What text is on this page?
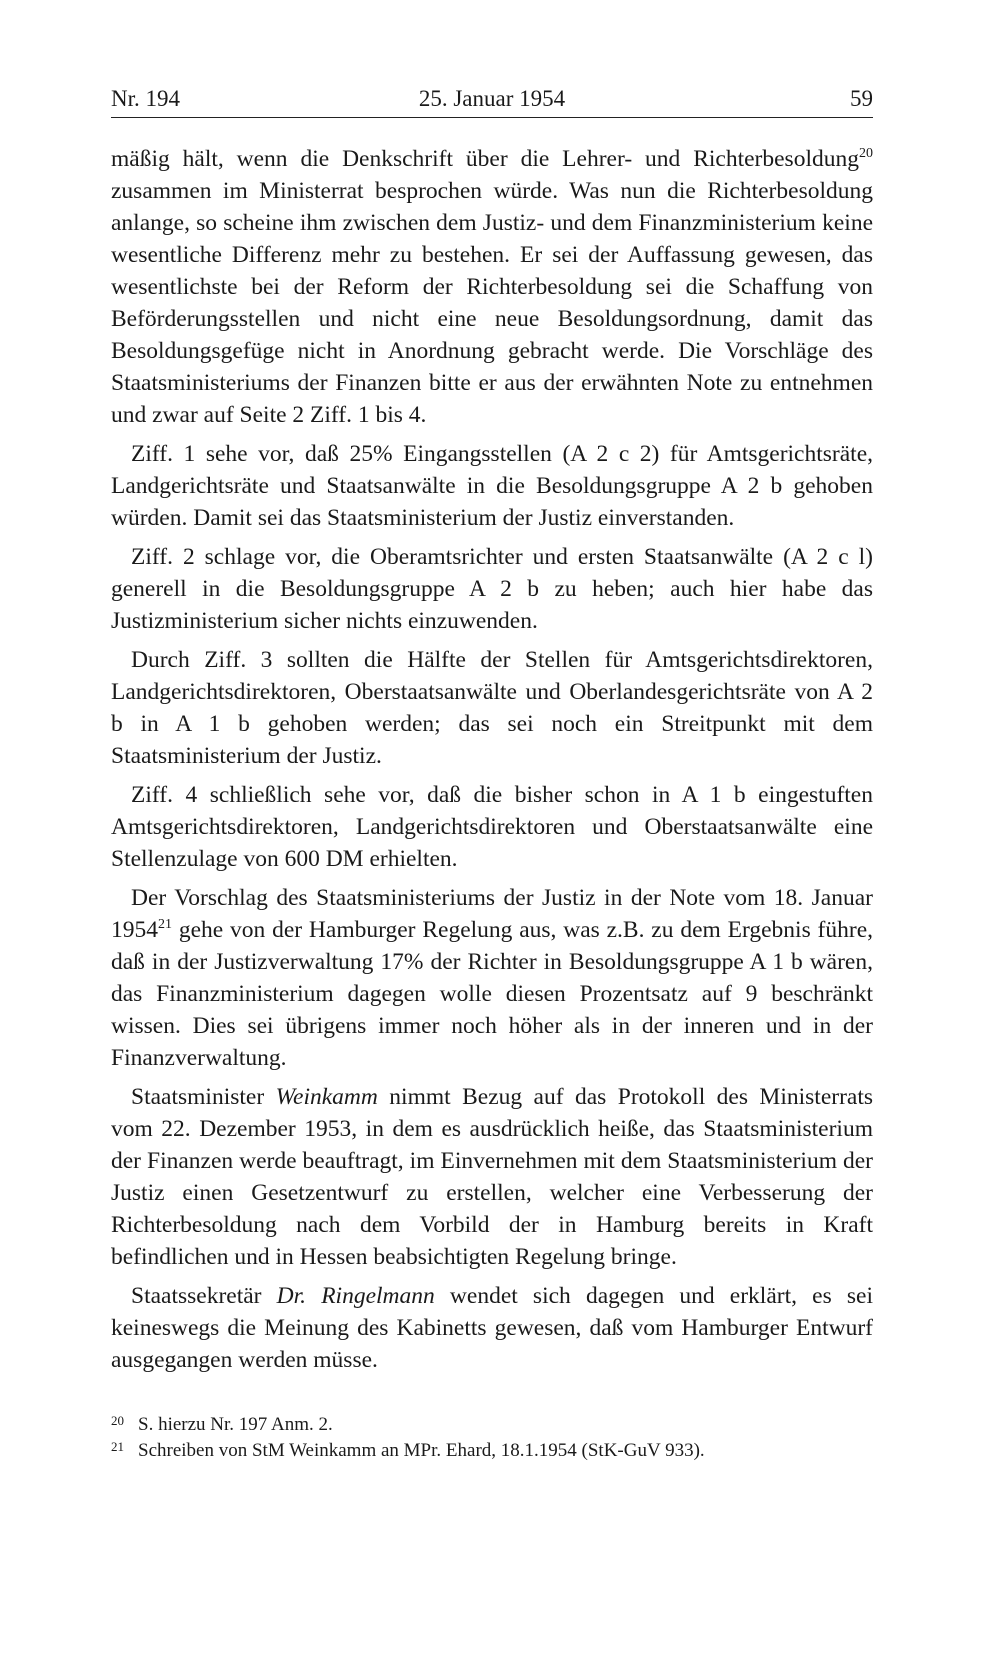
Nr. 194	25. Januar 1954	59

mäßig hält, wenn die Denkschrift über die Lehrer- und Richterbesoldung$^{20}$ zusammen im Ministerrat besprochen würde. Was nun die Richterbesoldung anlange, so scheine ihm zwischen dem Justiz- und dem Finanzministerium keine wesentliche Differenz mehr zu bestehen. Er sei der Auffassung gewesen, das wesentlichste bei der Reform der Richterbesoldung sei die Schaffung von Beförderungsstellen und nicht eine neue Besoldungsordnung, damit das Besoldungsgefüge nicht in Anordnung gebracht werde. Die Vorschläge des Staatsministeriums der Finanzen bitte er aus der erwähnten Note zu entnehmen und zwar auf Seite 2 Ziff. 1 bis 4.

Ziff. 1 sehe vor, daß 25% Eingangsstellen (A 2 c 2) für Amtsgerichtsräte, Landgerichtsräte und Staatsanwälte in die Besoldungsgruppe A 2 b gehoben würden. Damit sei das Staatsministerium der Justiz einverstanden.

Ziff. 2 schlage vor, die Oberamtsrichter und ersten Staatsanwälte (A 2 c l) generell in die Besoldungsgruppe A 2 b zu heben; auch hier habe das Justizministerium sicher nichts einzuwenden.

Durch Ziff. 3 sollten die Hälfte der Stellen für Amtsgerichtsdirektoren, Landgerichtsdirektoren, Oberstaatsanwälte und Oberlandesgerichtsräte von A 2 b in A 1 b gehoben werden; das sei noch ein Streitpunkt mit dem Staatsministerium der Justiz.

Ziff. 4 schließlich sehe vor, daß die bisher schon in A 1 b eingestuften Amtsgerichtsdirektoren, Landgerichtsdirektoren und Oberstaatsanwälte eine Stellenzulage von 600 DM erhielten.

Der Vorschlag des Staatsministeriums der Justiz in der Note vom 18. Januar 1954$^{21}$ gehe von der Hamburger Regelung aus, was z.B. zu dem Ergebnis führe, daß in der Justizverwaltung 17% der Richter in Besoldungsgruppe A 1 b wären, das Finanzministerium dagegen wolle diesen Prozentsatz auf 9 beschränkt wissen. Dies sei übrigens immer noch höher als in der inneren und in der Finanzverwaltung.

Staatsminister Weinkamm nimmt Bezug auf das Protokoll des Ministerrats vom 22. Dezember 1953, in dem es ausdrücklich heiße, das Staatsministerium der Finanzen werde beauftragt, im Einvernehmen mit dem Staatsministerium der Justiz einen Gesetzentwurf zu erstellen, welcher eine Verbesserung der Richterbesoldung nach dem Vorbild der in Hamburg bereits in Kraft befindlichen und in Hessen beabsichtigten Regelung bringe.

Staatssekretär Dr. Ringelmann wendet sich dagegen und erklärt, es sei keineswegs die Meinung des Kabinetts gewesen, daß vom Hamburger Entwurf ausgegangen werden müsse.

20 S. hierzu Nr. 197 Anm. 2.
21 Schreiben von StM Weinkamm an MPr. Ehard, 18.1.1954 (StK-GuV 933).
